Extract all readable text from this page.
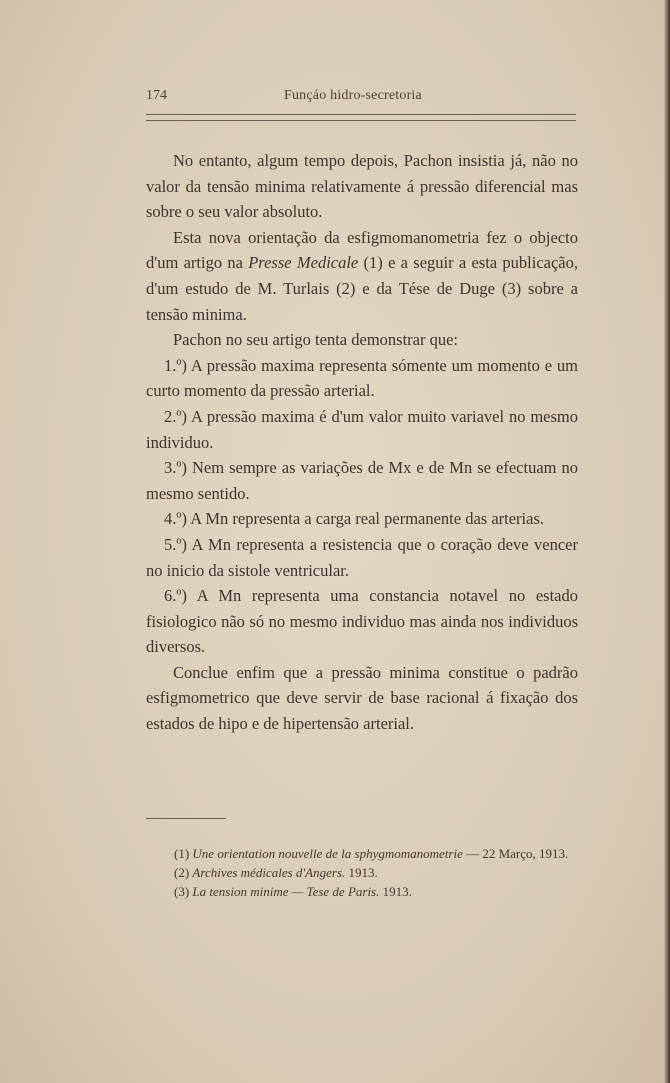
174	Funçáo hidro-secretoria

No entanto, algum tempo depois, Pachon insistia já, não no valor da tensão minima relativamente á pressão diferencial mas sobre o seu valor absoluto.

Esta nova orientação da esfigmomanometria fez o objecto d'um artigo na Presse Medicale (1) e a seguir a esta publicação, d'um estudo de M. Turlais (2) e da Tése de Duge (3) sobre a tensão minima.

Pachon no seu artigo tenta demonstrar que:

1.º) A pressão maxima representa sómente um momento e um curto momento da pressão arterial.

2.º) A pressão maxima é d'um valor muito variavel no mesmo individuo.

3.º) Nem sempre as variações de Mx e de Mn se efectuam no mesmo sentido.

4.º) A Mn representa a carga real permanente das arterias.

5.º) A Mn representa a resistencia que o coração deve vencer no inicio da sistole ventricular.

6.º) A Mn representa uma constancia notavel no estado fisiologico não só no mesmo individuo mas ainda nos individuos diversos.

Conclue enfim que a pressão minima constitue o padrão esfigmometrico que deve servir de base racional á fixação dos estados de hipo e de hipertensão arterial.

(1) Une orientation nouvelle de la sphygmomanometrie — 22 Março, 1913.

(2) Archives médicales d'Angers. 1913.

(3) La tension minime — Tese de Paris. 1913.
